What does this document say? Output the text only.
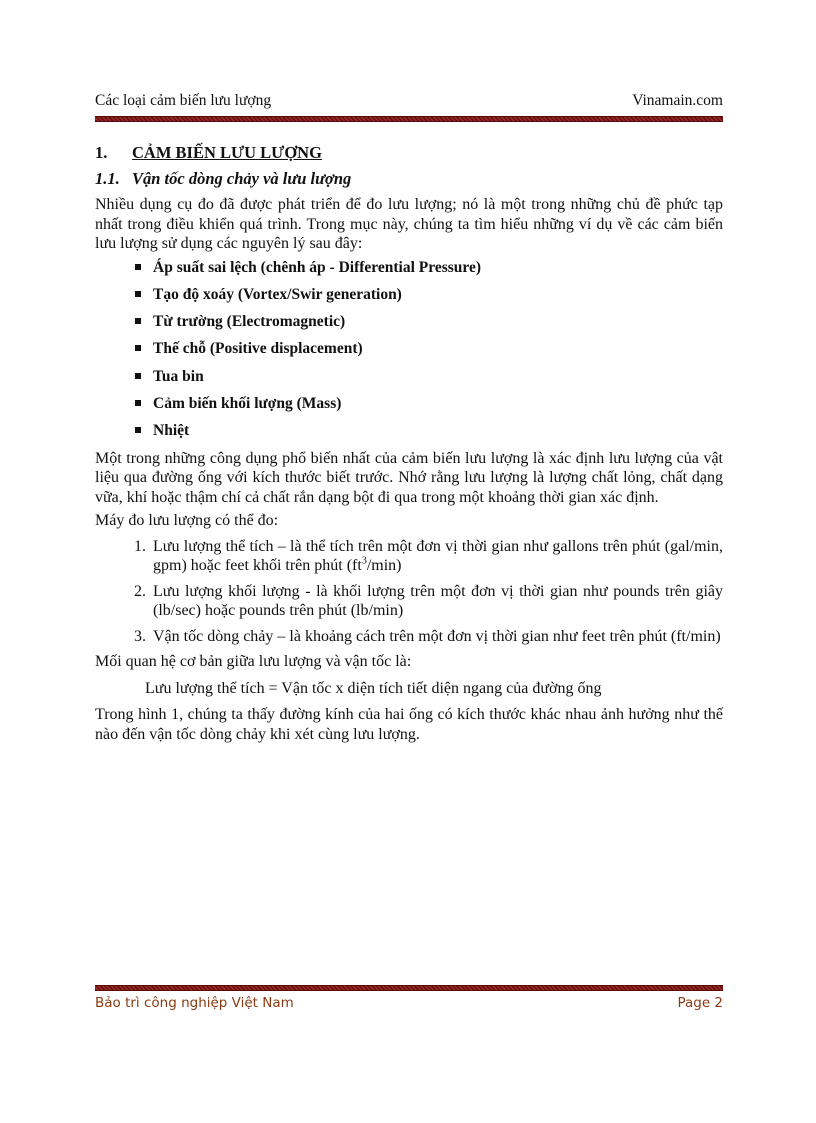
Các loại cảm biến lưu lượng	Vinamain.com
1. CẢM BIẾN LƯU LƯỢNG
1.1. Vận tốc dòng chảy và lưu lượng

Nhiều dụng cụ đo đã được phát triển để đo lưu lượng; nó là một trong những chủ đề phức tạp nhất trong điều khiển quá trình. Trong mục này, chúng ta tìm hiểu những ví dụ về các cảm biến lưu lượng sử dụng các nguyên lý sau đây:

Áp suất sai lệch (chênh áp - Differential Pressure)
Tạo độ xoáy (Vortex/Swir generation)
Từ trường (Electromagnetic)
Thế chỗ (Positive displacement)
Tua bin
Cảm biến khối lượng (Mass)
Nhiệt

Một trong những công dụng phổ biến nhất của cảm biến lưu lượng là xác định lưu lượng của vật liệu qua đường ống với kích thước biết trước. Nhớ rằng lưu lượng là lượng chất lỏng, chất dạng vữa, khí hoặc thậm chí cả chất rắn dạng bột đi qua trong một khoảng thời gian xác định.

Máy đo lưu lượng có thể đo:

1. Lưu lượng thể tích – là thể tích trên một đơn vị thời gian như gallons trên phút (gal/min, gpm) hoặc feet khối trên phút $(ft^3/\min)$
2. Lưu lượng khối lượng - là khối lượng trên một đơn vị thời gian như pounds trên giây (lb/sec) hoặc pounds trên phút (lb/min)
3. Vận tốc dòng chảy – là khoảng cách trên một đơn vị thời gian như feet trên phút (ft/min)

Mối quan hệ cơ bản giữa lưu lượng và vận tốc là:

Lưu lượng thể tích = Vận tốc x diện tích tiết diện ngang của đường ống

Trong hình 1, chúng ta thấy đường kính của hai ống có kích thước khác nhau ảnh hưởng như thế nào đến vận tốc dòng chảy khi xét cùng lưu lượng.

Bảo trì công nghiệp Việt Nam	Page 2
